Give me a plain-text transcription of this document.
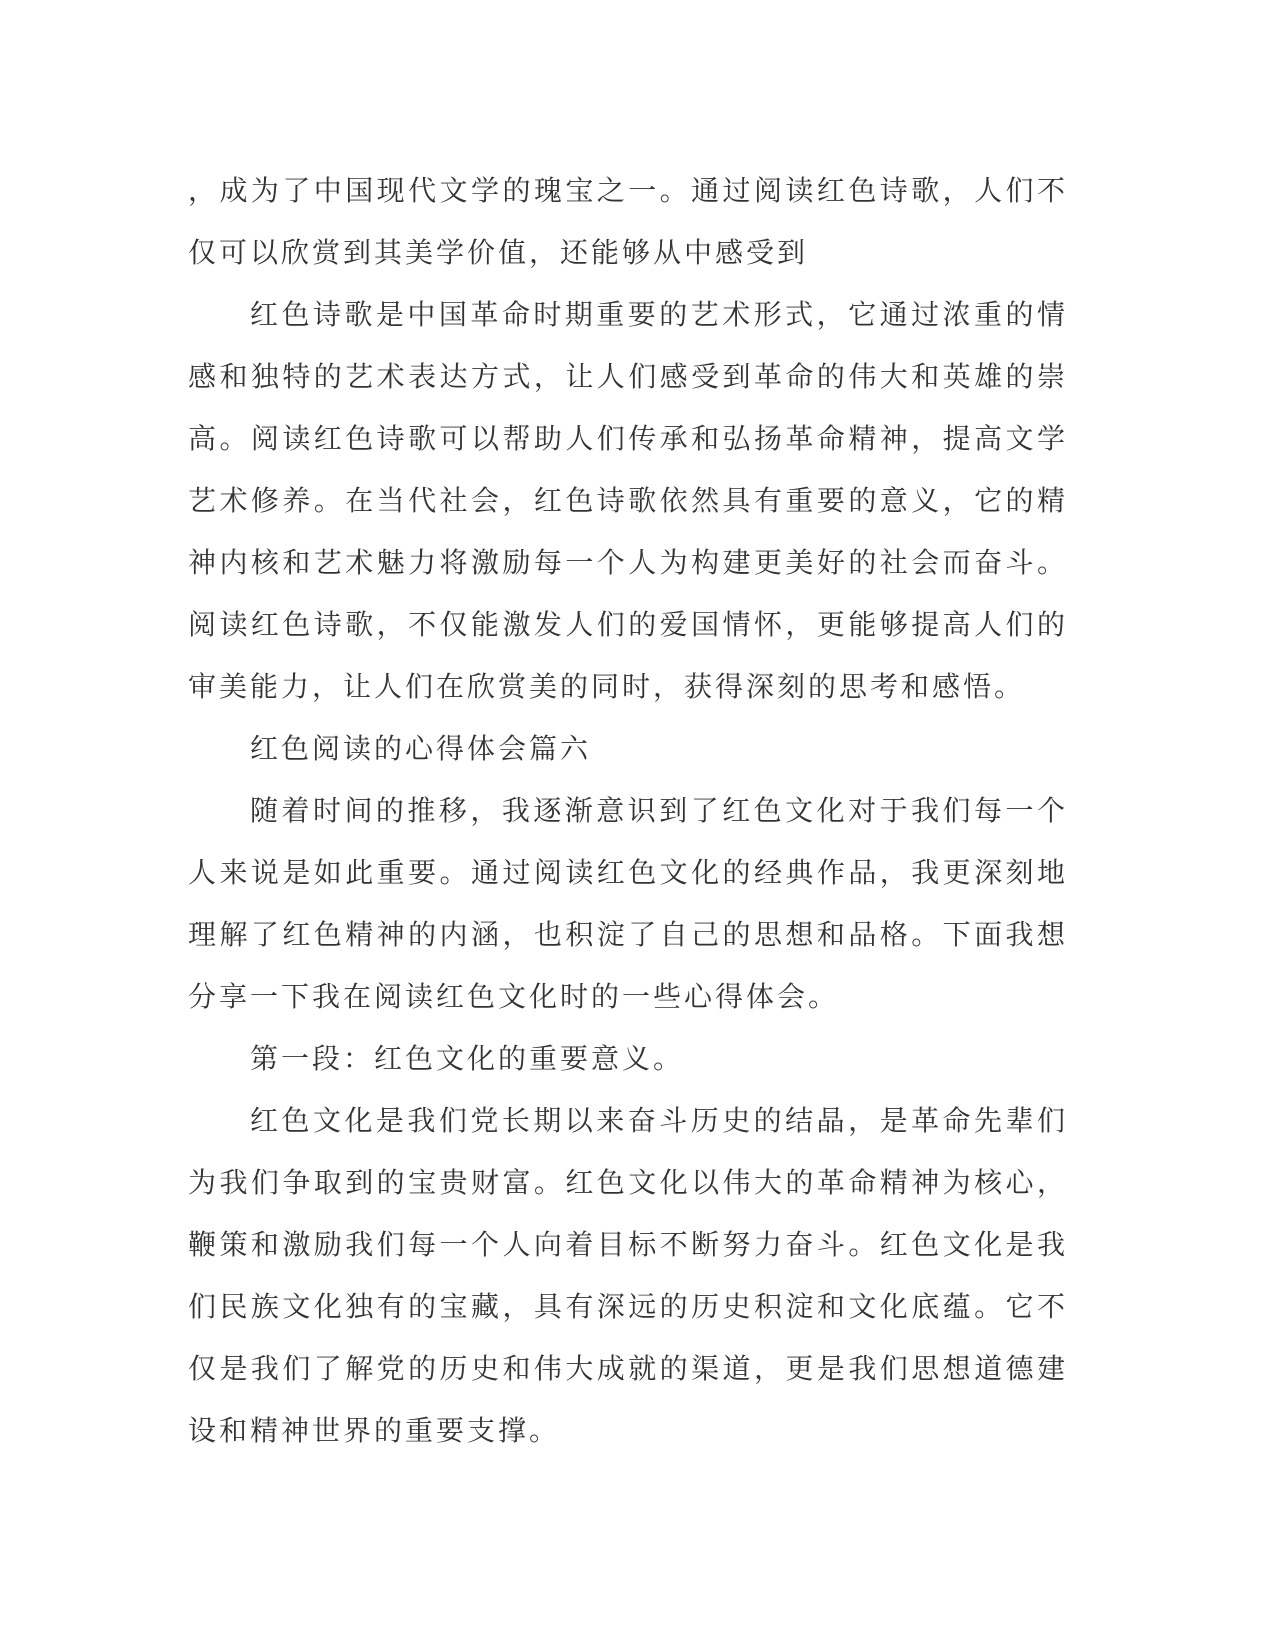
，成为了中国现代文学的瑰宝之一。通过阅读红色诗歌，人们不仅可以欣赏到其美学价值，还能够从中感受到

红色诗歌是中国革命时期重要的艺术形式，它通过浓重的情感和独特的艺术表达方式，让人们感受到革命的伟大和英雄的崇高。阅读红色诗歌可以帮助人们传承和弘扬革命精神，提高文学艺术修养。在当代社会，红色诗歌依然具有重要的意义，它的精神内核和艺术魅力将激励每一个人为构建更美好的社会而奋斗。阅读红色诗歌，不仅能激发人们的爱国情怀，更能够提高人们的审美能力，让人们在欣赏美的同时，获得深刻的思考和感悟。

红色阅读的心得体会篇六

随着时间的推移，我逐渐意识到了红色文化对于我们每一个人来说是如此重要。通过阅读红色文化的经典作品，我更深刻地理解了红色精神的内涵，也积淀了自己的思想和品格。下面我想分享一下我在阅读红色文化时的一些心得体会。

第一段：红色文化的重要意义。

红色文化是我们党长期以来奋斗历史的结晶，是革命先辈们为我们争取到的宝贵财富。红色文化以伟大的革命精神为核心，鞭策和激励我们每一个人向着目标不断努力奋斗。红色文化是我们民族文化独有的宝藏，具有深远的历史积淀和文化底蕴。它不仅是我们了解党的历史和伟大成就的渠道，更是我们思想道德建设和精神世界的重要支撑。
